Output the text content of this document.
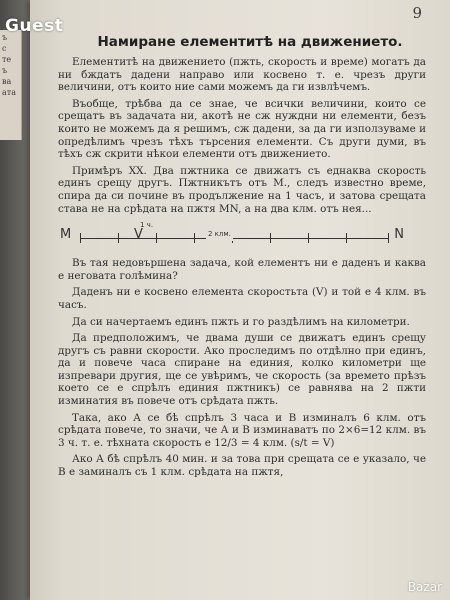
ъ
с
те
ъ
ва
ата
9
Намиране елементитѣ на движението.

Елементитѣ на движението (пжть, скорость и време) могатъ да ни бждатъ дадени направо или косвено т. е. чрезъ други величини, отъ които ние сами можемъ да ги извлѣчемъ.

Въобще, трѣбва да се знае, че всички величини, които се срещатъ въ задачата ни, акотѣ не сж нуждни ни елементи, безъ които не можемъ да я решимъ, сж дадени, за да ги използуваме и опредѣлимъ чрезъ тѣхъ търсения елементи. Съ други думи, въ тѣхъ сж скрити нѣкои елементи отъ движението.

Примѣръ XX. Два пжтника се движатъ съ еднаква скорость единъ срещу другъ. Пжтникътъ отъ М., следъ известно време, спира да си почине въ продължение на 1 часъ, и затова срещата става не на срѣдата на пжтя MN, а на два клм. отъ нея...

M
1 ч.
V	2 клм.	N

Въ тая недовършена задача, кой елементъ ни е даденъ и каква е неговата голѣмина?

Даденъ ни е косвено елемента скоростьта (V) и той е 4 клм. въ часъ.

Да си начертаемъ единъ пжть и го раздѣлимъ на километри.

Да предположимъ, че двама души се движатъ единъ срещу другъ съ равни скорости. Ако проследимъ по отдѣлно при единъ, да и повече часа спиране на единия, колко километри ще изпревари другия, ще се увѣримъ, че скорость (за времето прѣзъ което се е спрѣлъ единия пжтникъ) се равнява на 2 пжти изминатия въ повече отъ срѣдата пжть.

Така, ако А се бѣ спрѣлъ 3 часа и В изминалъ 6 клм. отъ срѣдата повече, то значи, че А и В изминаватъ по 2×6=12 клм. въ 3 ч. т. е. тѣхната скорость е 12/3 = 4 клм. (s/t = V)

Ако А бѣ спрѣлъ 40 мин. и за това при срещата се е указало, че В е заминалъ съ 1 клм. срѣдата на пжтя,

Guest
Bazar
